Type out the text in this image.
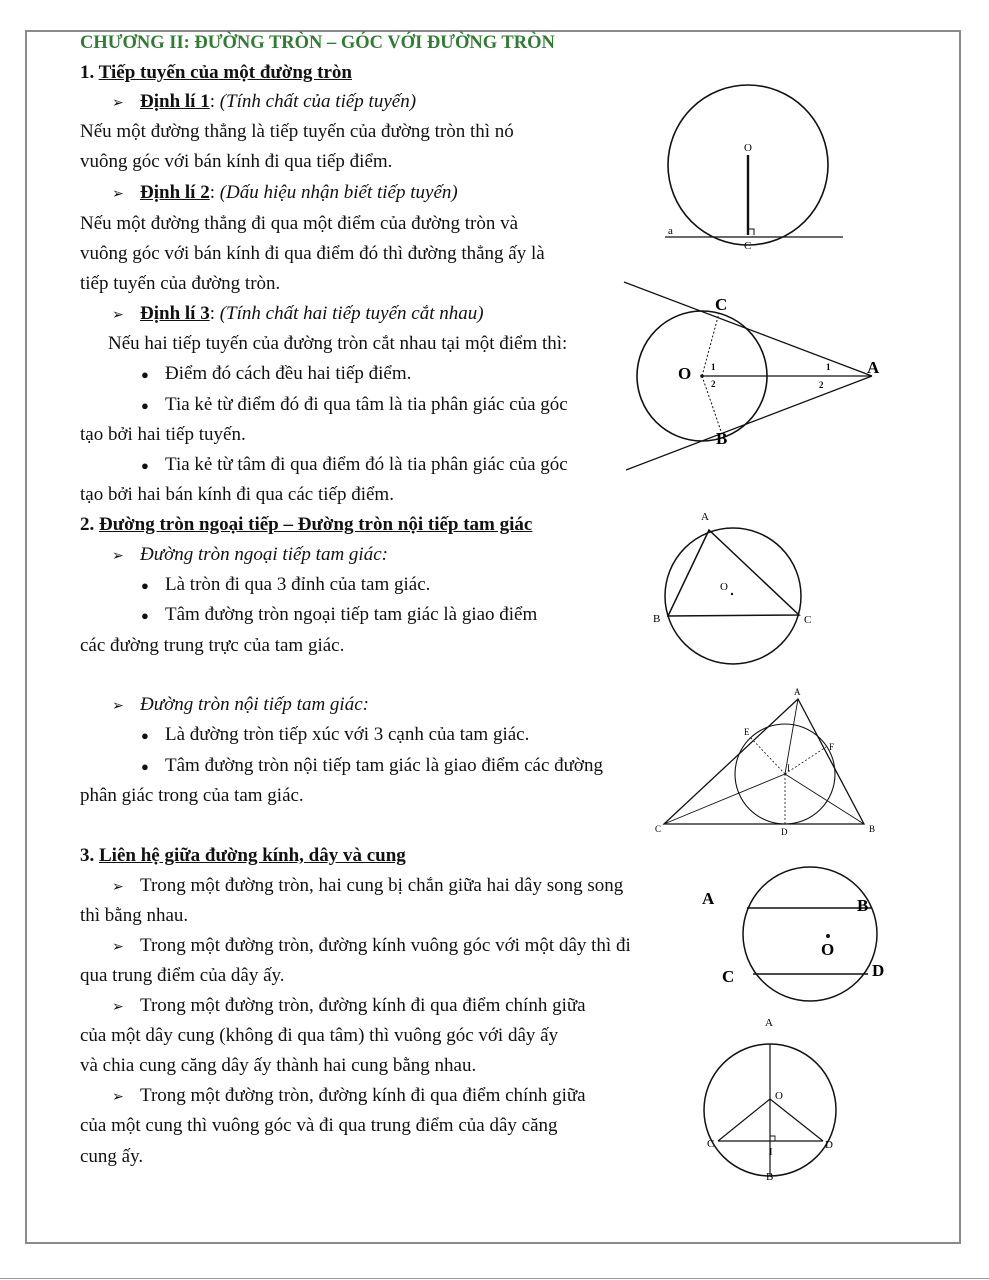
CHƯƠNG II: ĐƯỜNG TRÒN – GÓC VỚI ĐƯỜNG TRÒN
1. Tiếp tuyến của một đường tròn
➢ Định lí 1: (Tính chất của tiếp tuyến)
Nếu một đường thẳng là tiếp tuyến của đường tròn thì nó
vuông góc với bán kính đi qua tiếp điểm.
➢ Định lí 2: (Dấu hiệu nhận biết tiếp tuyến)
Nếu một đường thẳng đi qua một điểm của đường tròn và
vuông góc với bán kính đi qua điểm đó thì đường thẳng ấy là
tiếp tuyến của đường tròn.
➢ Định lí 3: (Tính chất hai tiếp tuyến cắt nhau)
Nếu hai tiếp tuyến của đường tròn cắt nhau tại một điểm thì:
● Điểm đó cách đều hai tiếp điểm.
● Tia kẻ từ điểm đó đi qua tâm là tia phân giác của góc
tạo bởi hai tiếp tuyến.
● Tia kẻ từ tâm đi qua điểm đó là tia phân giác của góc
tạo bởi hai bán kính đi qua các tiếp điểm.
2. Đường tròn ngoại tiếp – Đường tròn nội tiếp tam giác
➢ Đường tròn ngoại tiếp tam giác:
● Là tròn đi qua 3 đỉnh của tam giác.
● Tâm đường tròn ngoại tiếp tam giác là giao điểm
các đường trung trực của tam giác.
➢ Đường tròn nội tiếp tam giác:
● Là đường tròn tiếp xúc với 3 cạnh của tam giác.
● Tâm đường tròn nội tiếp tam giác là giao điểm các đường
phân giác trong của tam giác.
3. Liên hệ giữa đường kính, dây và cung
➢ Trong một đường tròn, hai cung bị chắn giữa hai dây song song
thì bằng nhau.
➢ Trong một đường tròn, đường kính vuông góc với một dây thì đi
qua trung điểm của dây ấy.
➢ Trong một đường tròn, đường kính đi qua điểm chính giữa
của một dây cung (không đi qua tâm) thì vuông góc với dây ấy
và chia cung căng dây ấy thành hai cung bằng nhau.
➢ Trong một đường tròn, đường kính đi qua điểm chính giữa
của một cung thì vuông góc và đi qua trung điểm của dây căng
cung ấy.
O
C
a
C
O	A
B
1
2
1
2
A
B	C
O
A
B
C	D
E
F
I
A	B
C	D
O
A
B
C	D
O
I
